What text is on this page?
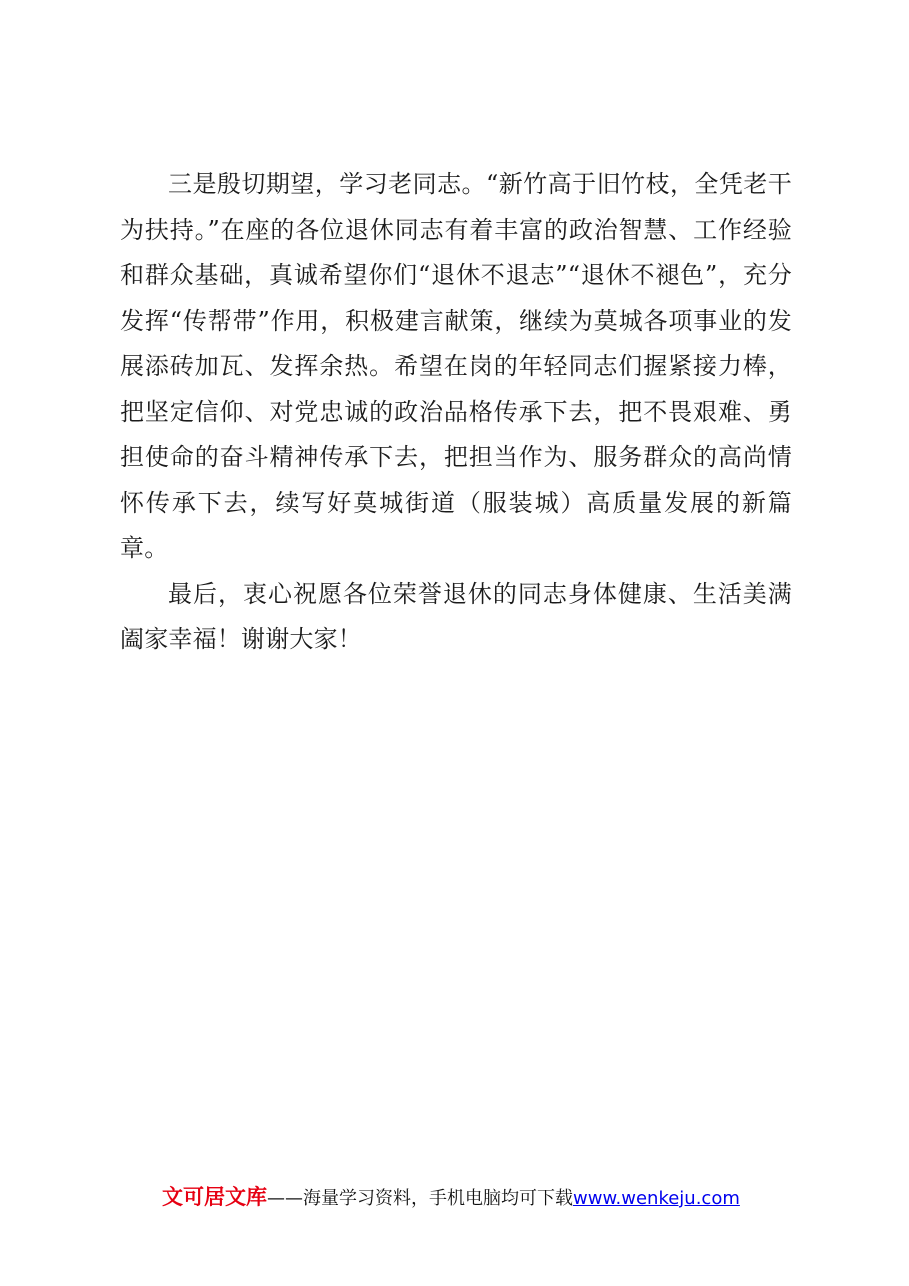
三是殷切期望，学习老同志。“新竹高于旧竹枝，全凭老干为扶持。”在座的各位退休同志有着丰富的政治智慧、工作经验和群众基础，真诚希望你们“退休不退志”“退休不褪色”，充分发挥“传帮带”作用，积极建言献策，继续为莫城各项事业的发展添砖加瓦、发挥余热。希望在岗的年轻同志们握紧接力棒，把坚定信仰、对党忠诚的政治品格传承下去，把不畏艰难、勇担使命的奋斗精神传承下去，把担当作为、服务群众的高尚情怀传承下去，续写好莫城街道（服装城）高质量发展的新篇章。

最后，衷心祝愿各位荣誉退休的同志身体健康、生活美满阖家幸福！谢谢大家！

文可居文库——海量学习资料，手机电脑均可下载www.wenkeju.com
